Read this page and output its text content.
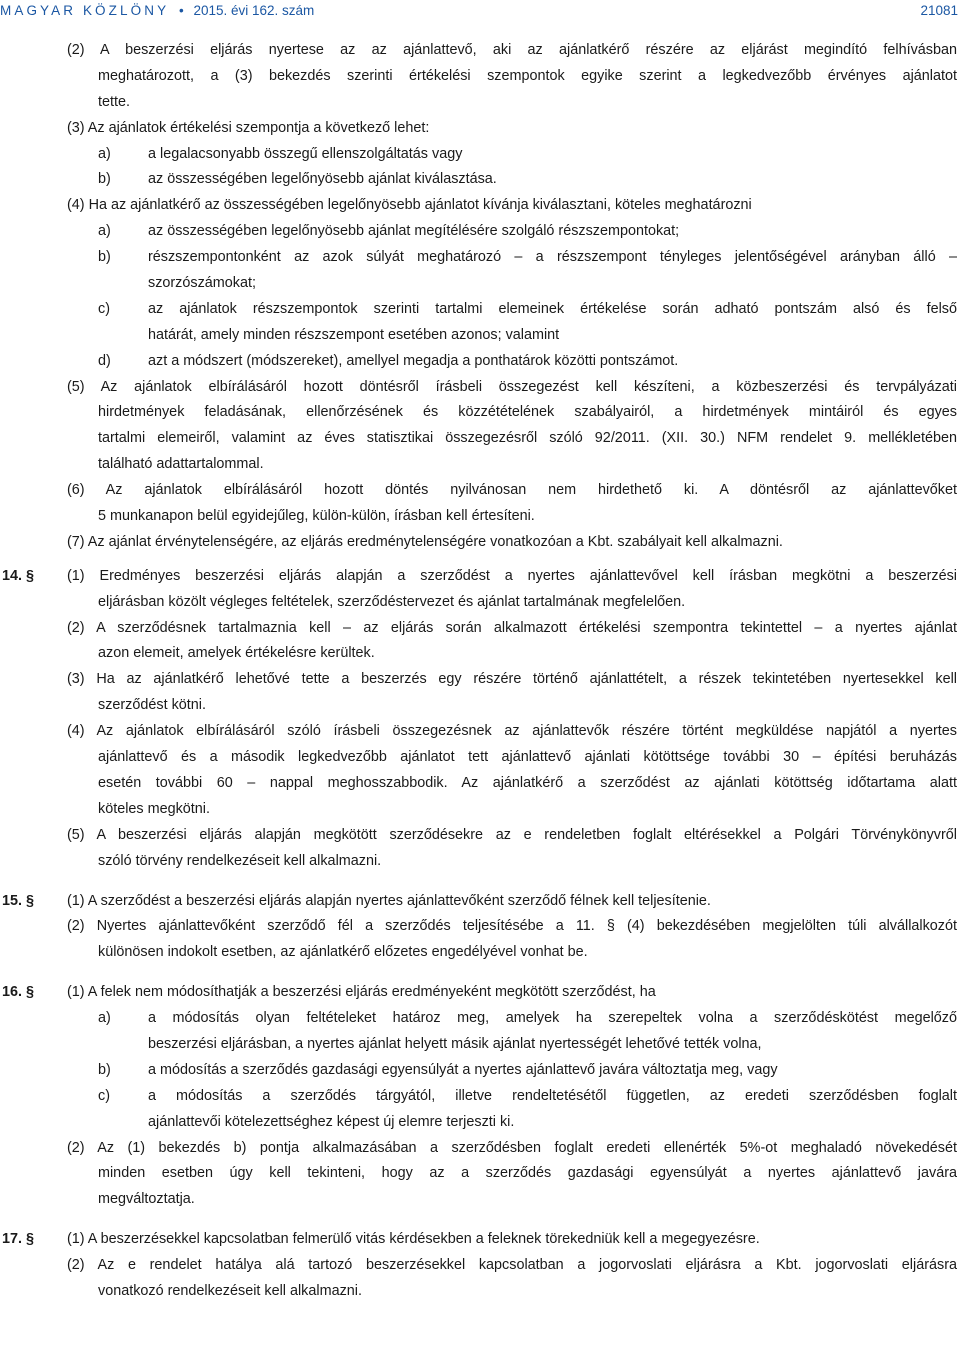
MAGYAR KÖZLÖNY • 2015. évi 162. szám	21081
(2) A beszerzési eljárás nyertese az az ajánlattevő, aki az ajánlatkérő részére az eljárást megindító felhívásban
meghatározott, a (3) bekezdés szerinti értékelési szempontok egyike szerint a legkedvezőbb érvényes ajánlatot
tette.
(3) Az ajánlatok értékelési szempontja a következő lehet:
a)	a legalacsonyabb összegű ellenszolgáltatás vagy
b)	az összességében legelőnyösebb ajánlat kiválasztása.
(4) Ha az ajánlatkérő az összességében legelőnyösebb ajánlatot kívánja kiválasztani, köteles meghatározni
a)	az összességében legelőnyösebb ajánlat megítélésére szolgáló részszempontokat;
b)	részszempontonként az azok súlyát meghatározó – a részszempont tényleges jelentőségével arányban álló –
szorzószámokat;
c)	az ajánlatok részszempontok szerinti tartalmi elemeinek értékelése során adható pontszám alsó és felső
határát, amely minden részszempont esetében azonos; valamint
d)	azt a módszert (módszereket), amellyel megadja a ponthatárok közötti pontszámot.
(5) Az ajánlatok elbírálásáról hozott döntésről írásbeli összegezést kell készíteni, a közbeszerzési és tervpályázati
hirdetmények feladásának, ellenőrzésének és közzétételének szabályairól, a hirdetmények mintáiról és egyes
tartalmi elemeiről, valamint az éves statisztikai összegezésről szóló 92/2011. (XII. 30.) NFM rendelet 9. mellékletében
található adattartalommal.
(6) Az ajánlatok elbírálásáról hozott döntés nyilvánosan nem hirdethető ki. A döntésről az ajánlattevőket
5 munkanapon belül egyidejűleg, külön-külön, írásban kell értesíteni.
(7) Az ajánlat érvénytelenségére, az eljárás eredménytelenségére vonatkozóan a Kbt. szabályait kell alkalmazni.
14. § (1) Eredményes beszerzési eljárás alapján a szerződést a nyertes ajánlattevővel kell írásban megkötni a beszerzési
eljárásban közölt végleges feltételek, szerződéstervezet és ajánlat tartalmának megfelelően.
(2) A szerződésnek tartalmaznia kell – az eljárás során alkalmazott értékelési szempontra tekintettel – a nyertes ajánlat
azon elemeit, amelyek értékelésre kerültek.
(3) Ha az ajánlatkérő lehetővé tette a beszerzés egy részére történő ajánlattételt, a részek tekintetében nyertesekkel kell
szerződést kötni.
(4) Az ajánlatok elbírálásáról szóló írásbeli összegezésnek az ajánlattevők részére történt megküldése napjától a nyertes
ajánlattevő és a második legkedvezőbb ajánlatot tett ajánlattevő ajánlati kötöttsége további 30 – építési beruházás
esetén további 60 – nappal meghosszabbodik. Az ajánlatkérő a szerződést az ajánlati kötöttség időtartama alatt
köteles megkötni.
(5) A beszerzési eljárás alapján megkötött szerződésekre az e rendeletben foglalt eltérésekkel a Polgári Törvénykönyvről
szóló törvény rendelkezéseit kell alkalmazni.
15. § (1) A szerződést a beszerzési eljárás alapján nyertes ajánlattevőként szerződő félnek kell teljesítenie.
(2) Nyertes ajánlattevőként szerződő fél a szerződés teljesítésébe a 11. § (4) bekezdésében megjelölten túli alvállalkozót
különösen indokolt esetben, az ajánlatkérő előzetes engedélyével vonhat be.
16. § (1) A felek nem módosíthatják a beszerzési eljárás eredményeként megkötött szerződést, ha
a)	a módosítás olyan feltételeket határoz meg, amelyek ha szerepeltek volna a szerződéskötést megelőző
beszerzési eljárásban, a nyertes ajánlat helyett másik ajánlat nyertességét lehetővé tették volna,
b)	a módosítás a szerződés gazdasági egyensúlyát a nyertes ajánlattevő javára változtatja meg, vagy
c)	a módosítás a szerződés tárgyától, illetve rendeltetésétől független, az eredeti szerződésben foglalt
ajánlattevői kötelezettséghez képest új elemre terjeszti ki.
(2) Az (1) bekezdés b) pontja alkalmazásában a szerződésben foglalt eredeti ellenérték 5%-ot meghaladó növekedését
minden esetben úgy kell tekinteni, hogy az a szerződés gazdasági egyensúlyát a nyertes ajánlattevő javára
megváltoztatja.
17. § (1) A beszerzésekkel kapcsolatban felmerülő vitás kérdésekben a feleknek törekedniük kell a megegyezésre.
(2) Az e rendelet hatálya alá tartozó beszerzésekkel kapcsolatban a jogorvoslati eljárásra a Kbt. jogorvoslati eljárásra
vonatkozó rendelkezéseit kell alkalmazni.
